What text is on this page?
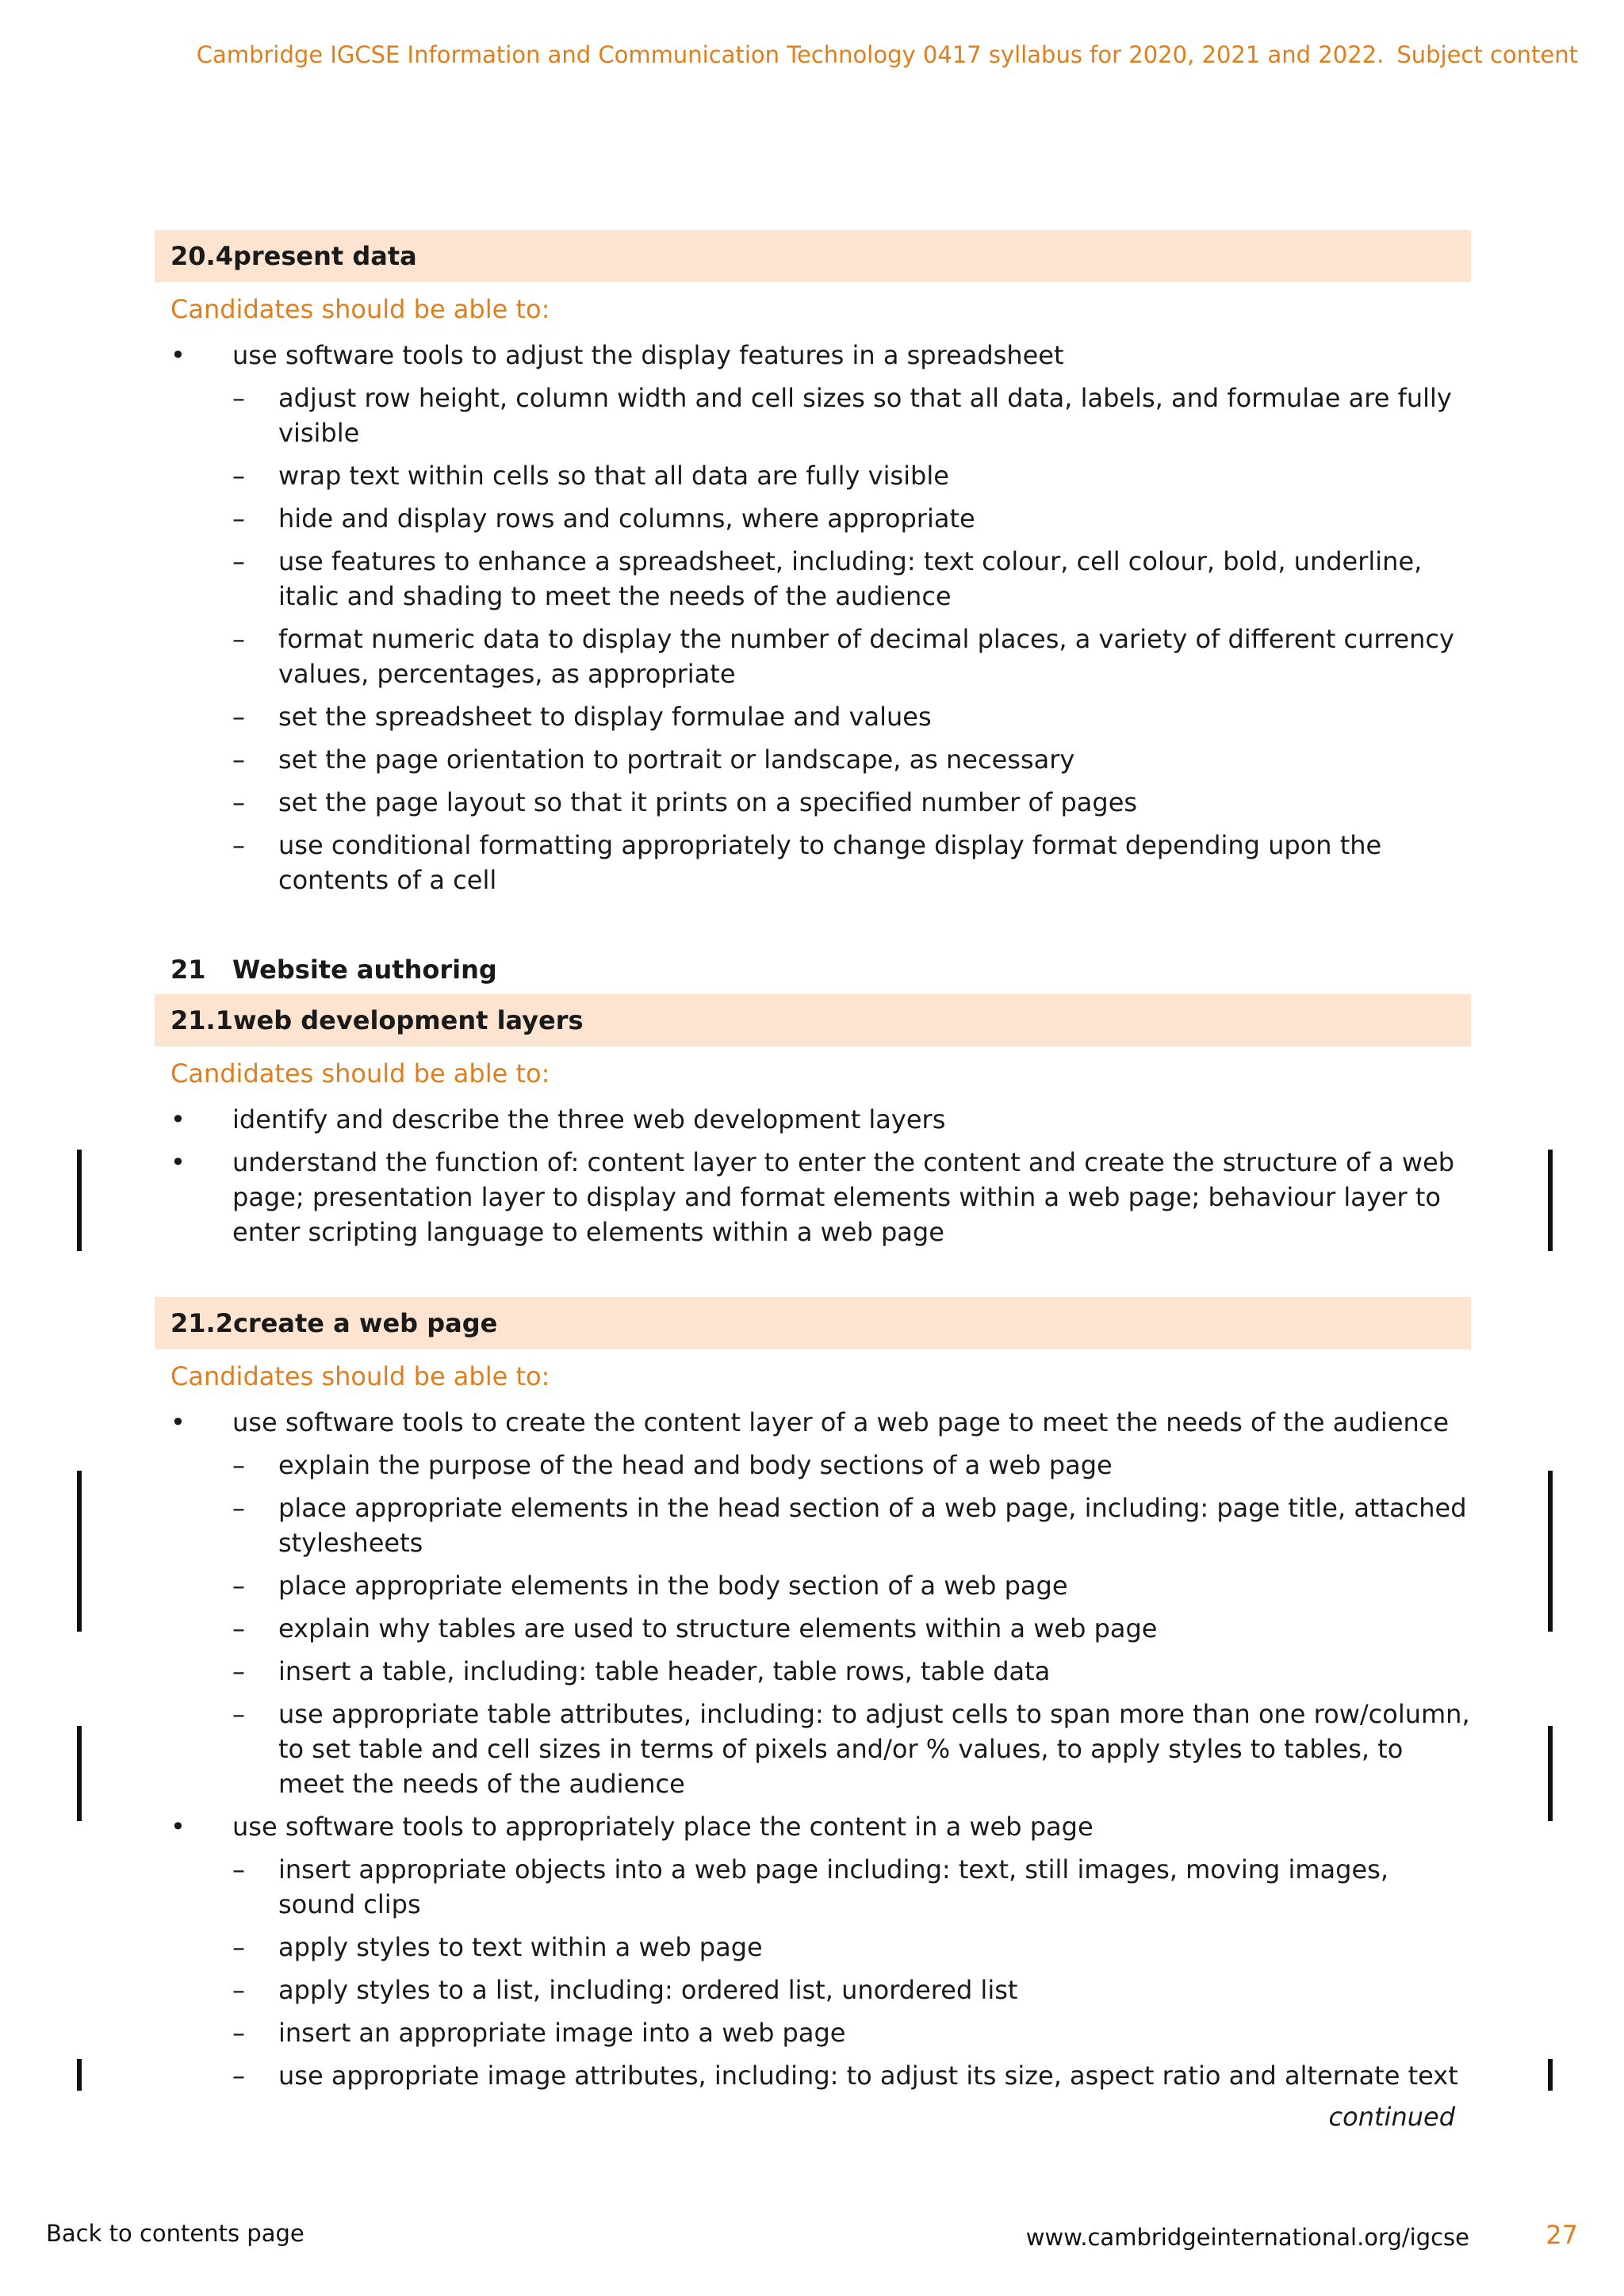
Cambridge IGCSE Information and Communication Technology 0417 syllabus for 2020, 2021 and 2022. Subject content
20.4 present data
Candidates should be able to:
• use software tools to adjust the display features in a spreadsheet
– adjust row height, column width and cell sizes so that all data, labels, and formulae are fully visible
– wrap text within cells so that all data are fully visible
– hide and display rows and columns, where appropriate
– use features to enhance a spreadsheet, including: text colour, cell colour, bold, underline, italic and shading to meet the needs of the audience
– format numeric data to display the number of decimal places, a variety of different currency values, percentages, as appropriate
– set the spreadsheet to display formulae and values
– set the page orientation to portrait or landscape, as necessary
– set the page layout so that it prints on a specified number of pages
– use conditional formatting appropriately to change display format depending upon the contents of a cell
21	Website authoring
21.1 web development layers
Candidates should be able to:
• identify and describe the three web development layers
• understand the function of: content layer to enter the content and create the structure of a web page; presentation layer to display and format elements within a web page; behaviour layer to enter scripting language to elements within a web page
21.2 create a web page
Candidates should be able to:
• use software tools to create the content layer of a web page to meet the needs of the audience
– explain the purpose of the head and body sections of a web page
– place appropriate elements in the head section of a web page, including: page title, attached stylesheets
– place appropriate elements in the body section of a web page
– explain why tables are used to structure elements within a web page
– insert a table, including: table header, table rows, table data
– use appropriate table attributes, including: to adjust cells to span more than one row/column, to set table and cell sizes in terms of pixels and/or % values, to apply styles to tables, to meet the needs of the audience
• use software tools to appropriately place the content in a web page
– insert appropriate objects into a web page including: text, still images, moving images, sound clips
– apply styles to text within a web page
– apply styles to a list, including: ordered list, unordered list
– insert an appropriate image into a web page
– use appropriate image attributes, including: to adjust its size, aspect ratio and alternate text
continued
Back to contents page	www.cambridgeinternational.org/igcse	27
